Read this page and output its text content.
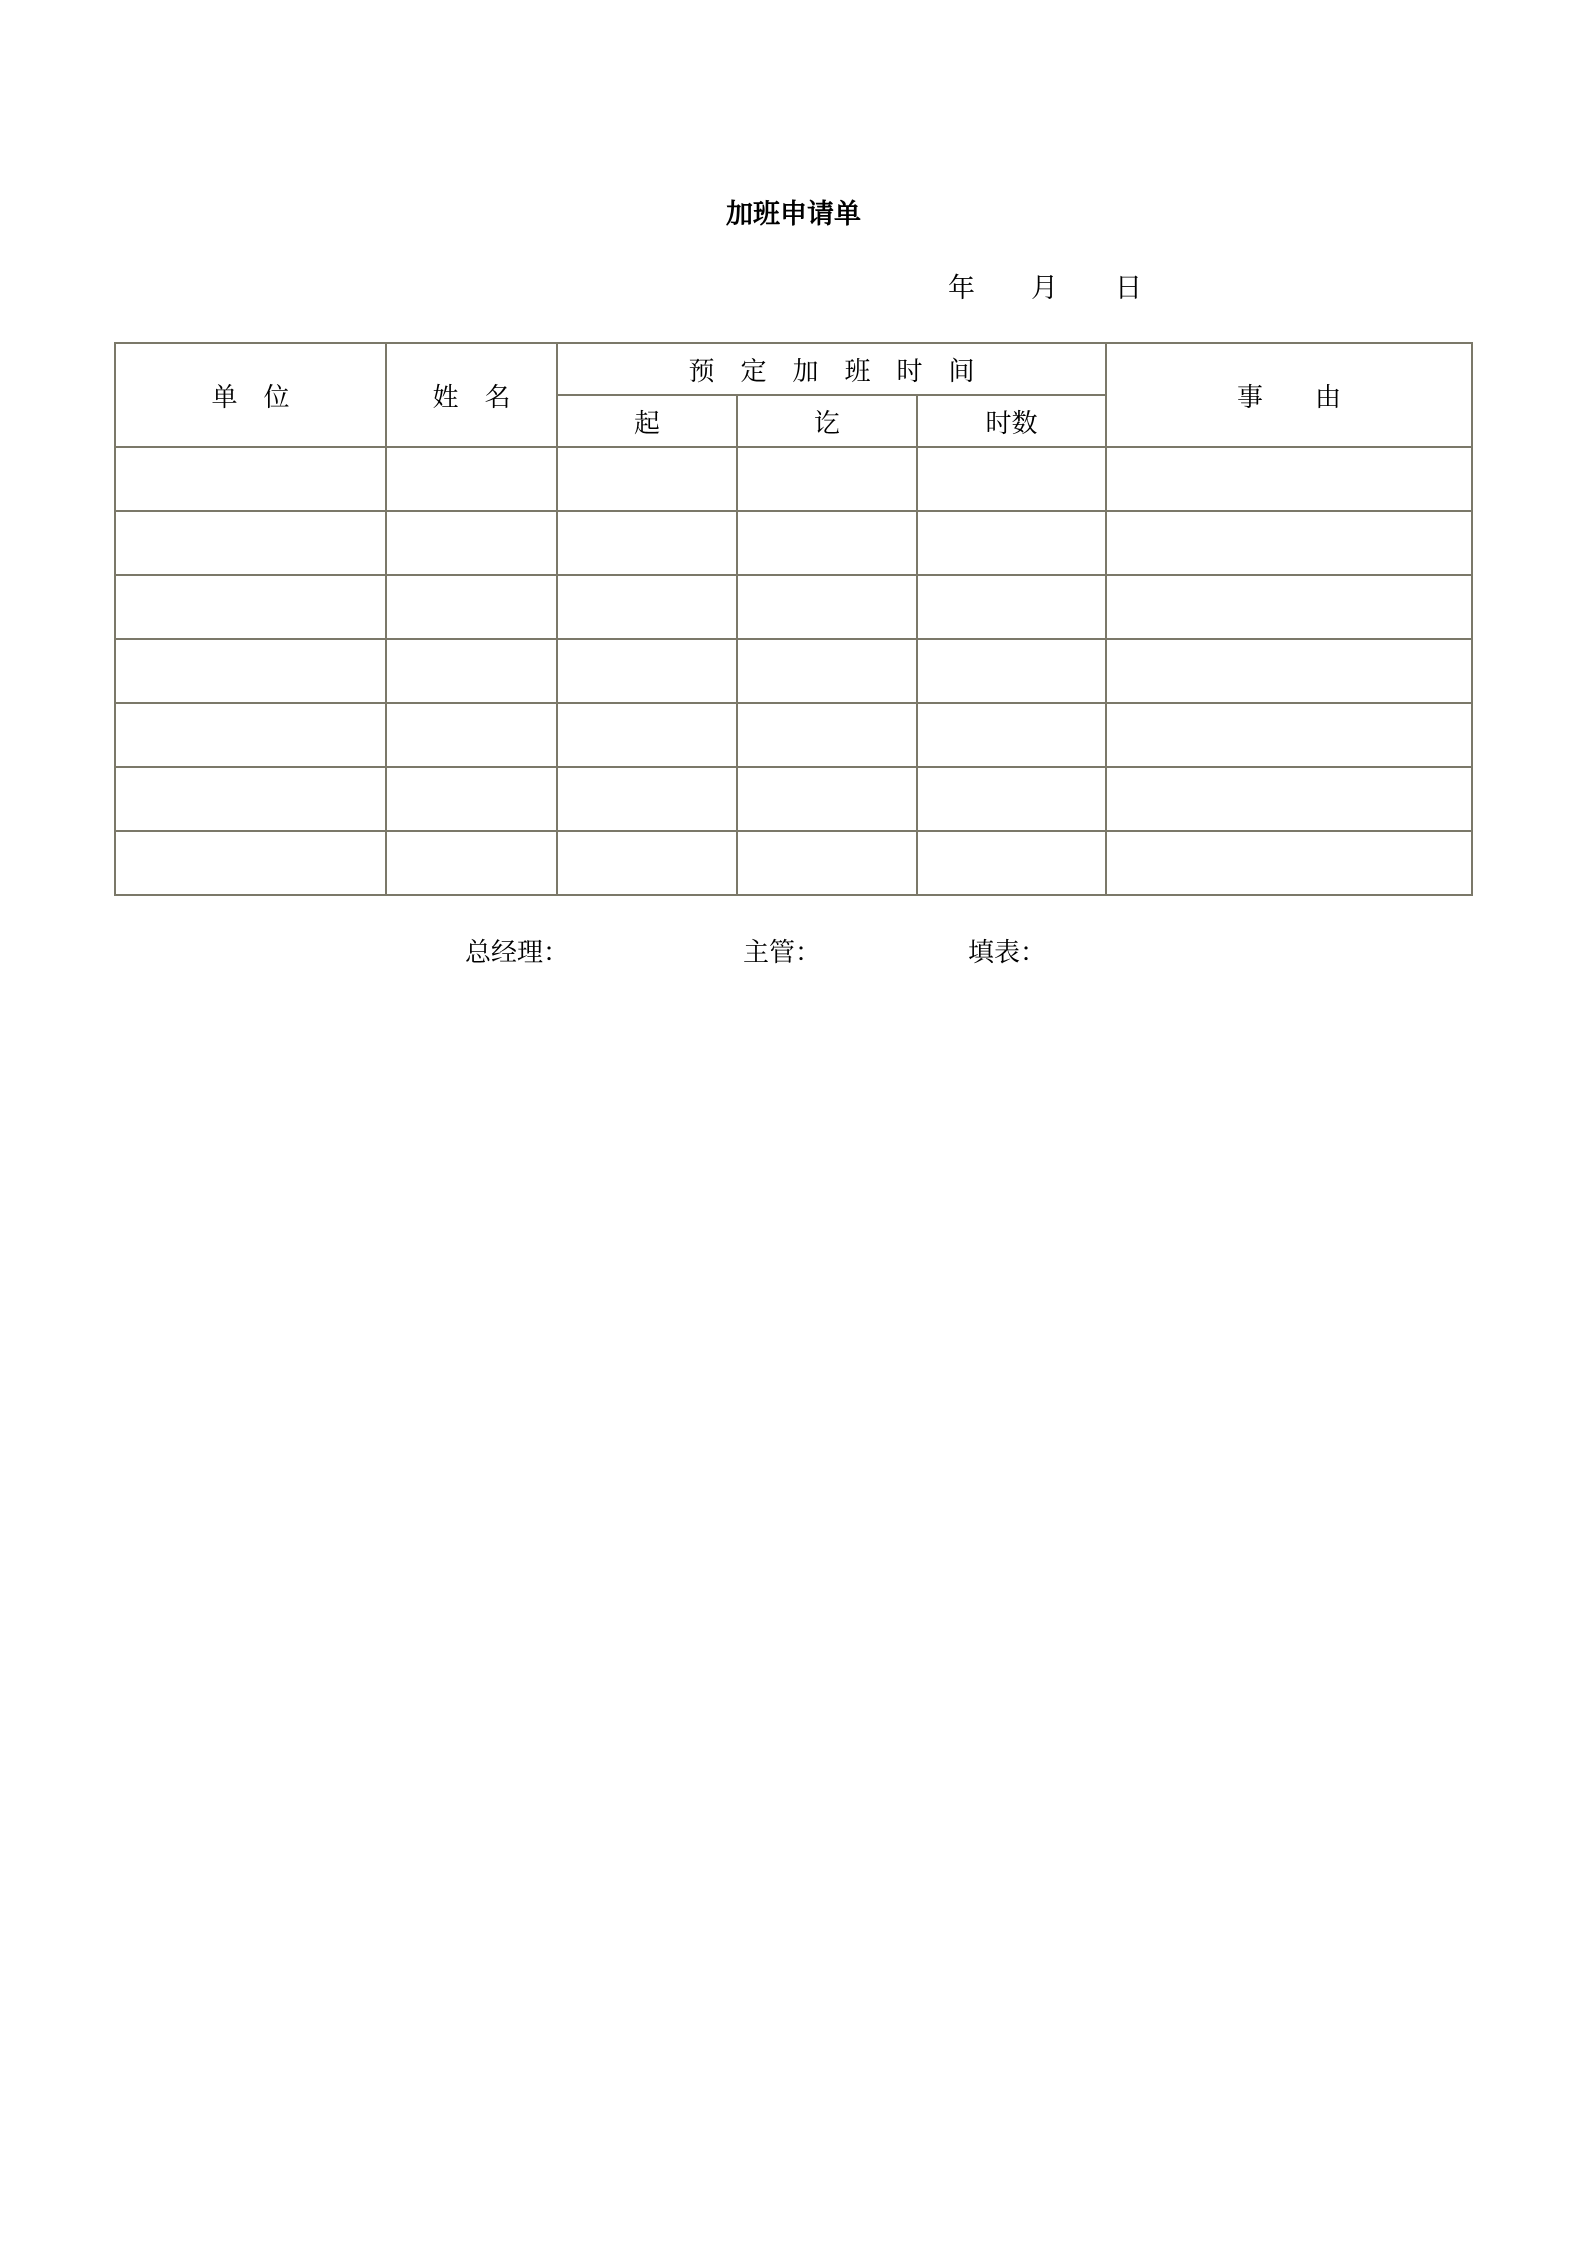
加班申请单
年 月 日
单　位	姓　名	预　定　加　班　时　间			事　　由
		起	讫	时数	

总经理：	主管：	填表：
